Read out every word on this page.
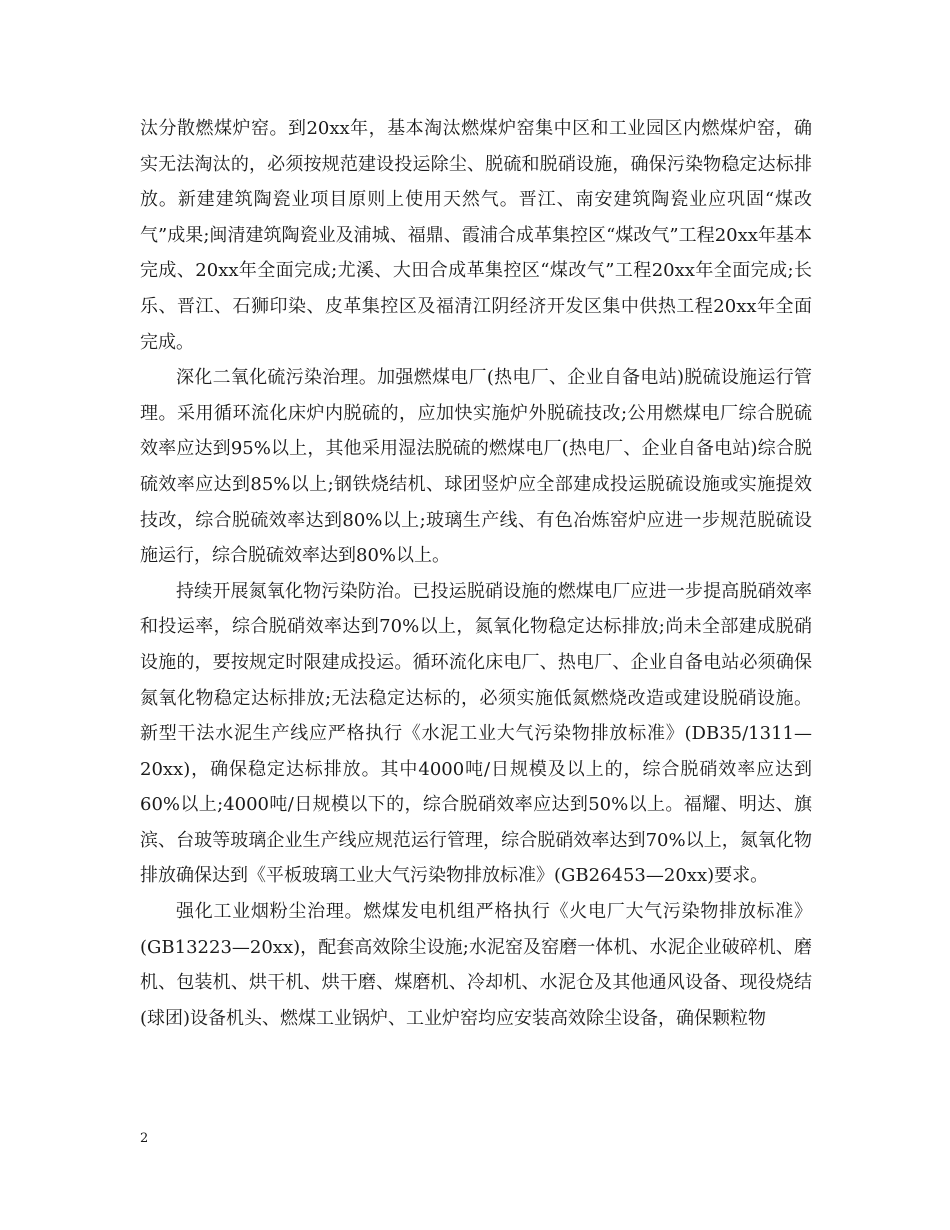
汰分散燃煤炉窑。到20xx年，基本淘汰燃煤炉窑集中区和工业园区内燃煤炉窑，确实无法淘汰的，必须按规范建设投运除尘、脱硫和脱硝设施，确保污染物稳定达标排放。新建建筑陶瓷业项目原则上使用天然气。晋江、南安建筑陶瓷业应巩固“煤改气”成果;闽清建筑陶瓷业及浦城、福鼎、霞浦合成革集控区“煤改气”工程20xx年基本完成、20xx年全面完成;尤溪、大田合成革集控区“煤改气”工程20xx年全面完成;长乐、晋江、石狮印染、皮革集控区及福清江阴经济开发区集中供热工程20xx年全面完成。

深化二氧化硫污染治理。加强燃煤电厂(热电厂、企业自备电站)脱硫设施运行管理。采用循环流化床炉内脱硫的，应加快实施炉外脱硫技改;公用燃煤电厂综合脱硫效率应达到95%以上，其他采用湿法脱硫的燃煤电厂(热电厂、企业自备电站)综合脱硫效率应达到85%以上;钢铁烧结机、球团竖炉应全部建成投运脱硫设施或实施提效技改，综合脱硫效率达到80%以上;玻璃生产线、有色冶炼窑炉应进一步规范脱硫设施运行，综合脱硫效率达到80%以上。

持续开展氮氧化物污染防治。已投运脱硝设施的燃煤电厂应进一步提高脱硝效率和投运率，综合脱硝效率达到70%以上，氮氧化物稳定达标排放;尚未全部建成脱硝设施的，要按规定时限建成投运。循环流化床电厂、热电厂、企业自备电站必须确保氮氧化物稳定达标排放;无法稳定达标的，必须实施低氮燃烧改造或建设脱硝设施。新型干法水泥生产线应严格执行《水泥工业大气污染物排放标准》(DB35/1311—20xx)，确保稳定达标排放。其中4000吨/日规模及以上的，综合脱硝效率应达到60%以上;4000吨/日规模以下的，综合脱硝效率应达到50%以上。福耀、明达、旗滨、台玻等玻璃企业生产线应规范运行管理，综合脱硝效率达到70%以上，氮氧化物排放确保达到《平板玻璃工业大气污染物排放标准》(GB26453—20xx)要求。

强化工业烟粉尘治理。燃煤发电机组严格执行《火电厂大气污染物排放标准》(GB13223—20xx)，配套高效除尘设施;水泥窑及窑磨一体机、水泥企业破碎机、磨机、包装机、烘干机、烘干磨、煤磨机、冷却机、水泥仓及其他通风设备、现役烧结(球团)设备机头、燃煤工业锅炉、工业炉窑均应安装高效除尘设备，确保颗粒物

2
